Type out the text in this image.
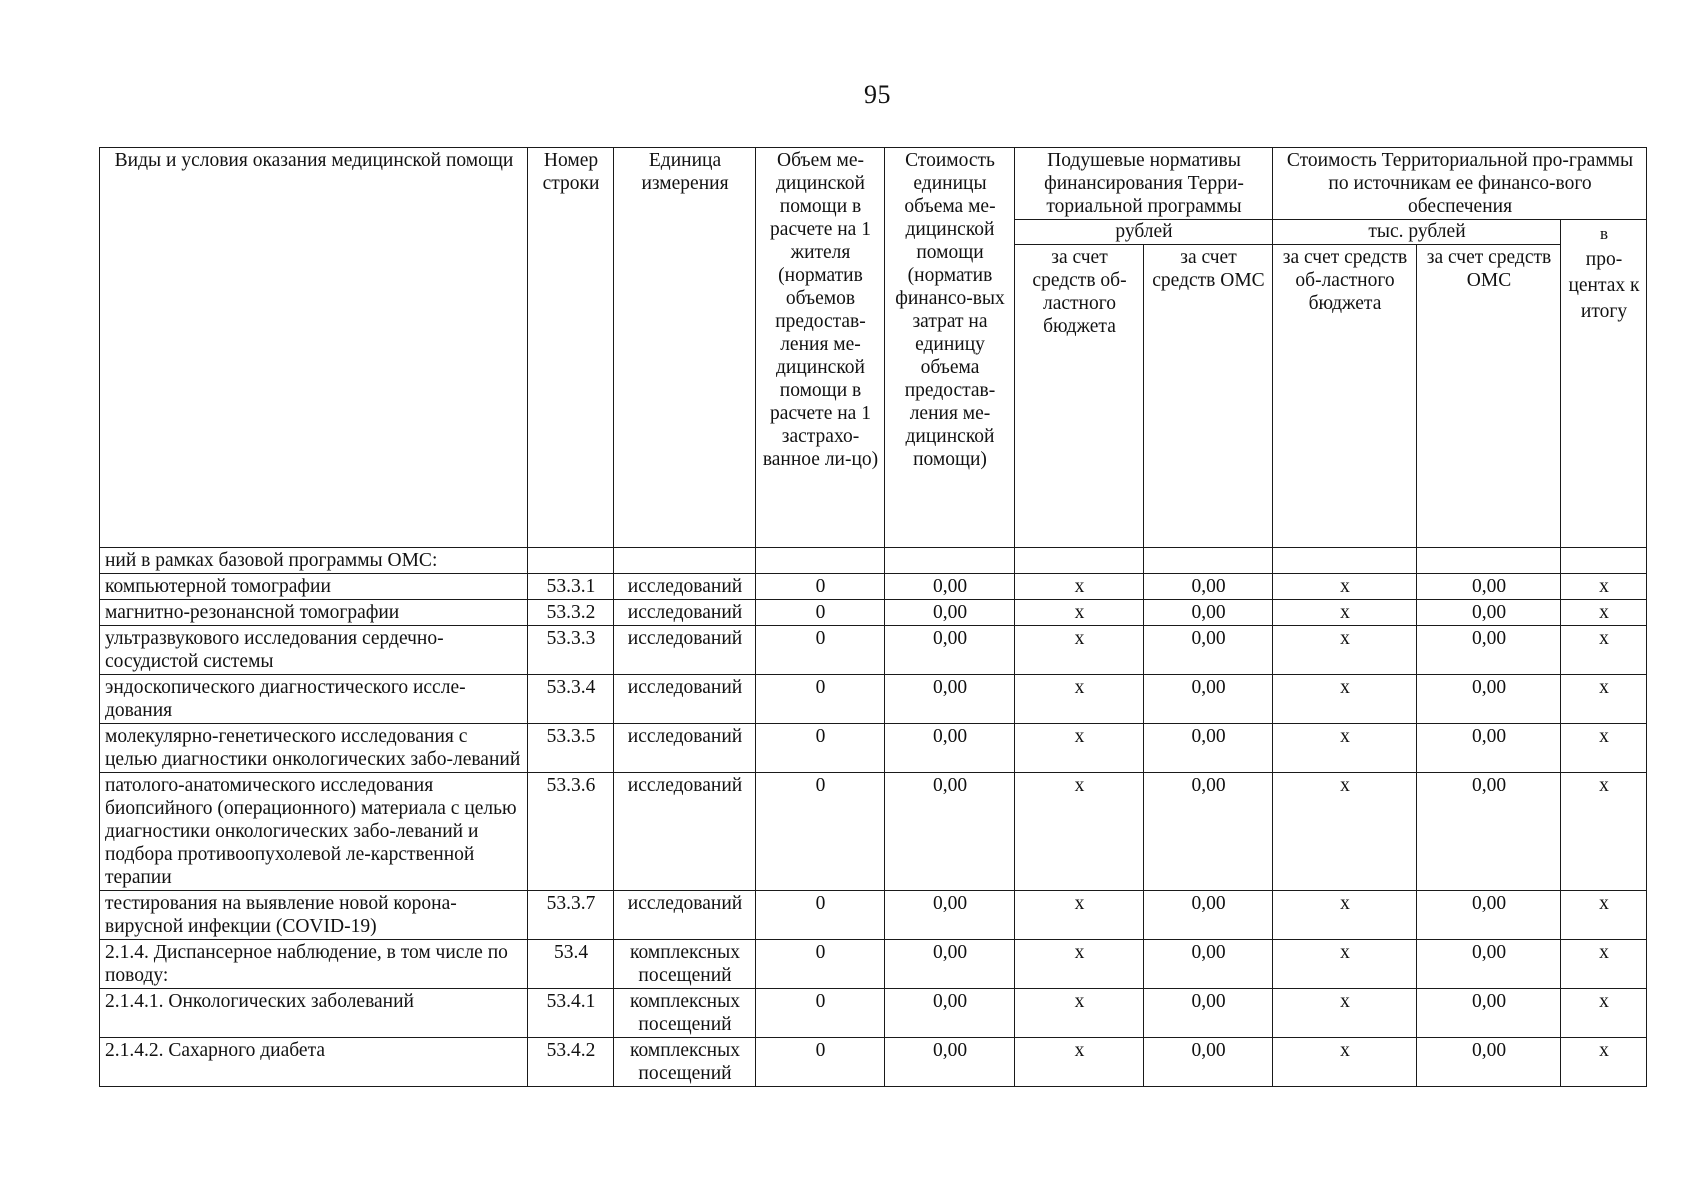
95
Виды и условия оказания медицинской помощи	Номер строки	Единица измерения	Объем ме-дицинской помощи в расчете на 1 жителя (норматив объемов предостав-ления ме-дицинской помощи в расчете на 1 застрахо-ванное ли-цо)	Стоимость единицы объема ме-дицинской помощи (норматив финансо-вых затрат на единицу объема предостав-ления ме-дицинской помощи)	Подушевые нормативы финансирования Терри-ториальной программы		Стоимость Территориальной про-граммы по источникам ее финансо-вого обеспечения		
					рублей		тыс. рублей		в
про-центах к итогу
					за счет средств об-ластного бюджета	за счет средств ОМС	за счет средств об-ластного бюджета	за счет средств ОМС	
ний в рамках базовой программы ОМС:									
компьютерной томографии	53.3.1	исследований	0	0,00	x	0,00	x	0,00	x
магнитно-резонансной томографии	53.3.2	исследований	0	0,00	x	0,00	x	0,00	x
ультразвукового исследования сердечно-сосудистой системы	53.3.3	исследований	0	0,00	x	0,00	x	0,00	x
эндоскопического диагностического иссле-дования	53.3.4	исследований	0	0,00	x	0,00	x	0,00	x
молекулярно-генетического исследования с целью диагностики онкологических забо-леваний	53.3.5	исследований	0	0,00	x	0,00	x	0,00	x
патолого-анатомического исследования биопсийного (операционного) материала с целью диагностики онкологических забо-леваний и подбора противоопухолевой ле-карственной терапии	53.3.6	исследований	0	0,00	x	0,00	x	0,00	x
тестирования на выявление новой корона-вирусной инфекции (COVID-19)	53.3.7	исследований	0	0,00	x	0,00	x	0,00	x
2.1.4. Диспансерное наблюдение, в том числе по поводу:	53.4	комплексных посещений	0	0,00	x	0,00	x	0,00	x
2.1.4.1. Онкологических заболеваний	53.4.1	комплексных посещений	0	0,00	x	0,00	x	0,00	x
2.1.4.2. Сахарного диабета	53.4.2	комплексных посещений	0	0,00	x	0,00	x	0,00	x
